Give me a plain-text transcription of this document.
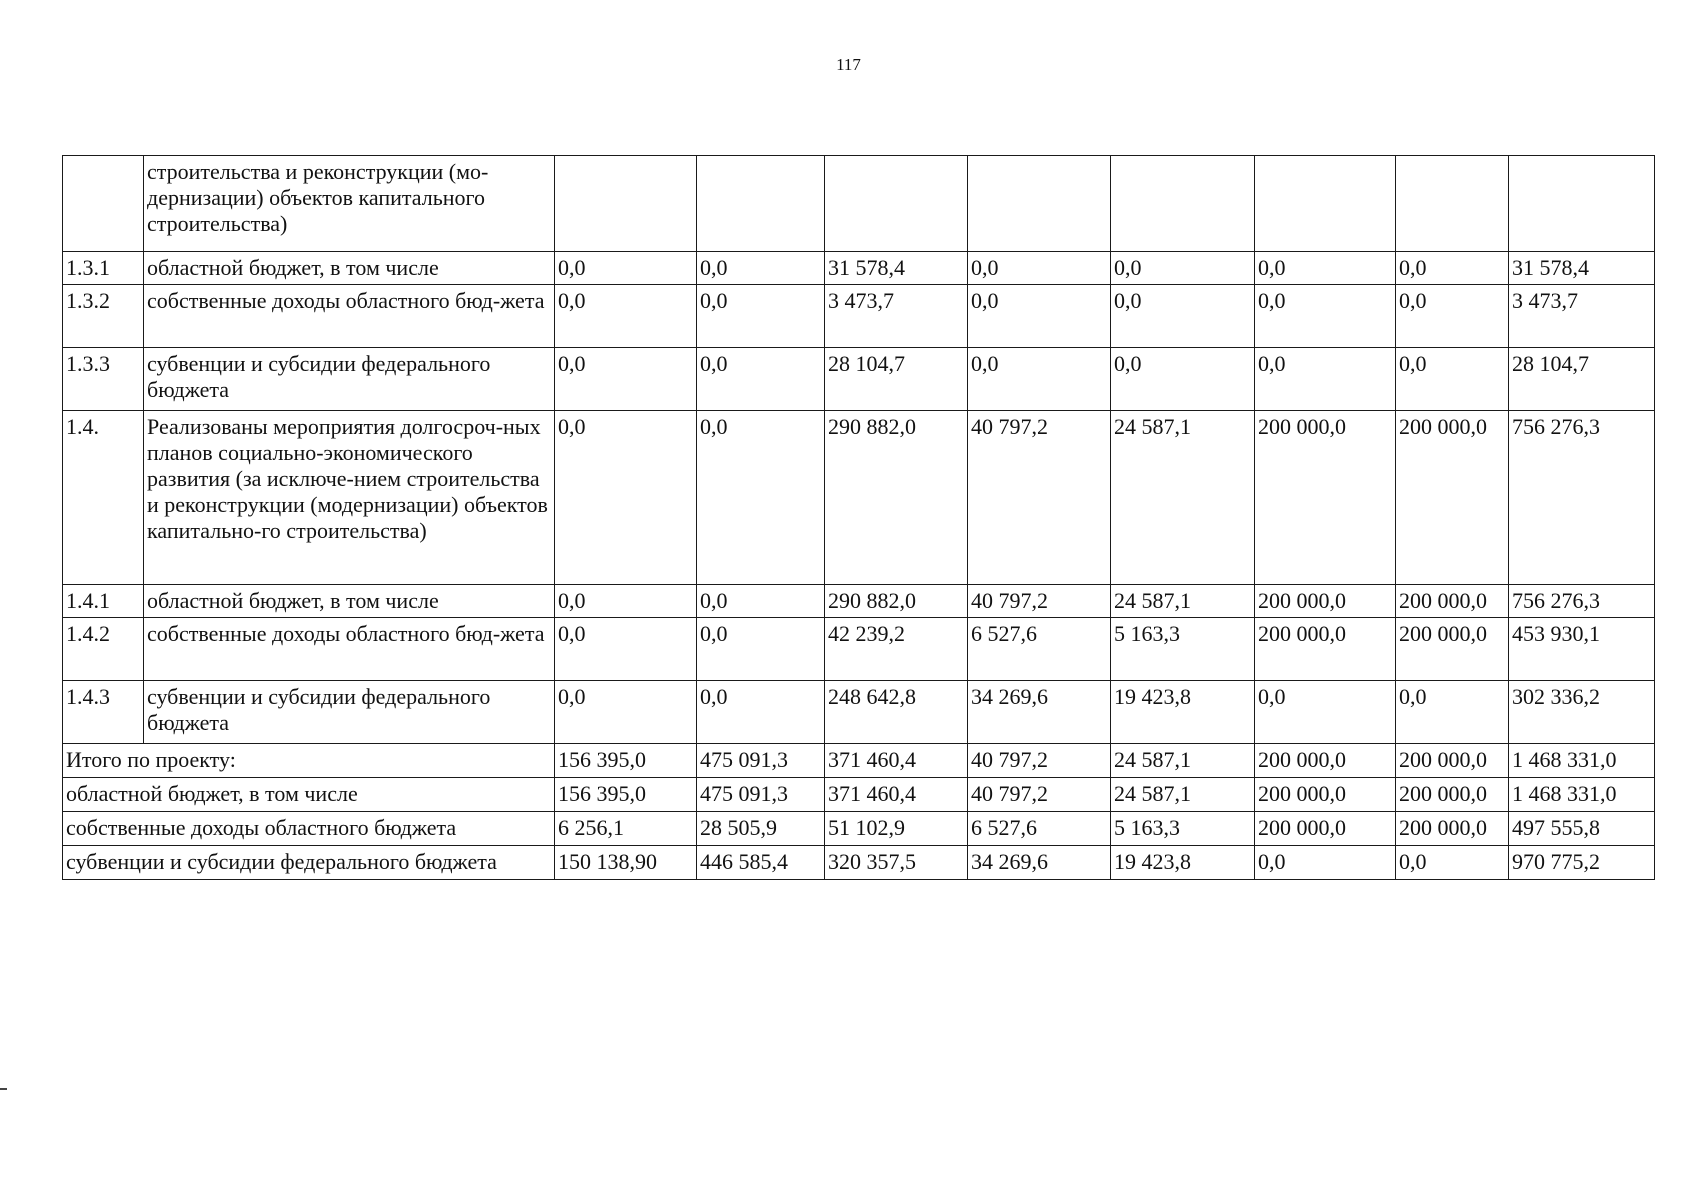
117
	строительства и реконструкции (мо-дернизации) объектов капитального строительства)								
1.3.1	областной бюджет, в том числе	0,0	0,0	31 578,4	0,0	0,0	0,0	0,0	31 578,4
1.3.2	собственные доходы областного бюд-жета	0,0	0,0	3 473,7	0,0	0,0	0,0	0,0	3 473,7
1.3.3	субвенции и субсидии федерального бюджета	0,0	0,0	28 104,7	0,0	0,0	0,0	0,0	28 104,7
1.4.	Реализованы мероприятия долгосроч-ных планов социально-экономического развития (за исключе-нием строительства и реконструкции (модернизации) объектов капитально-го строительства)	0,0	0,0	290 882,0	40 797,2	24 587,1	200 000,0	200 000,0	756 276,3
1.4.1	областной бюджет, в том числе	0,0	0,0	290 882,0	40 797,2	24 587,1	200 000,0	200 000,0	756 276,3
1.4.2	собственные доходы областного бюд-жета	0,0	0,0	42 239,2	6 527,6	5 163,3	200 000,0	200 000,0	453 930,1
1.4.3	субвенции и субсидии федерального бюджета	0,0	0,0	248 642,8	34 269,6	19 423,8	0,0	0,0	302 336,2
Итого по проекту:		156 395,0	475 091,3	371 460,4	40 797,2	24 587,1	200 000,0	200 000,0	1 468 331,0
областной бюджет, в том числе		156 395,0	475 091,3	371 460,4	40 797,2	24 587,1	200 000,0	200 000,0	1 468 331,0
собственные доходы областного бюджета		6 256,1	28 505,9	51 102,9	6 527,6	5 163,3	200 000,0	200 000,0	497 555,8
субвенции и субсидии федерального бюджета		150 138,90	446 585,4	320 357,5	34 269,6	19 423,8	0,0	0,0	970 775,2
